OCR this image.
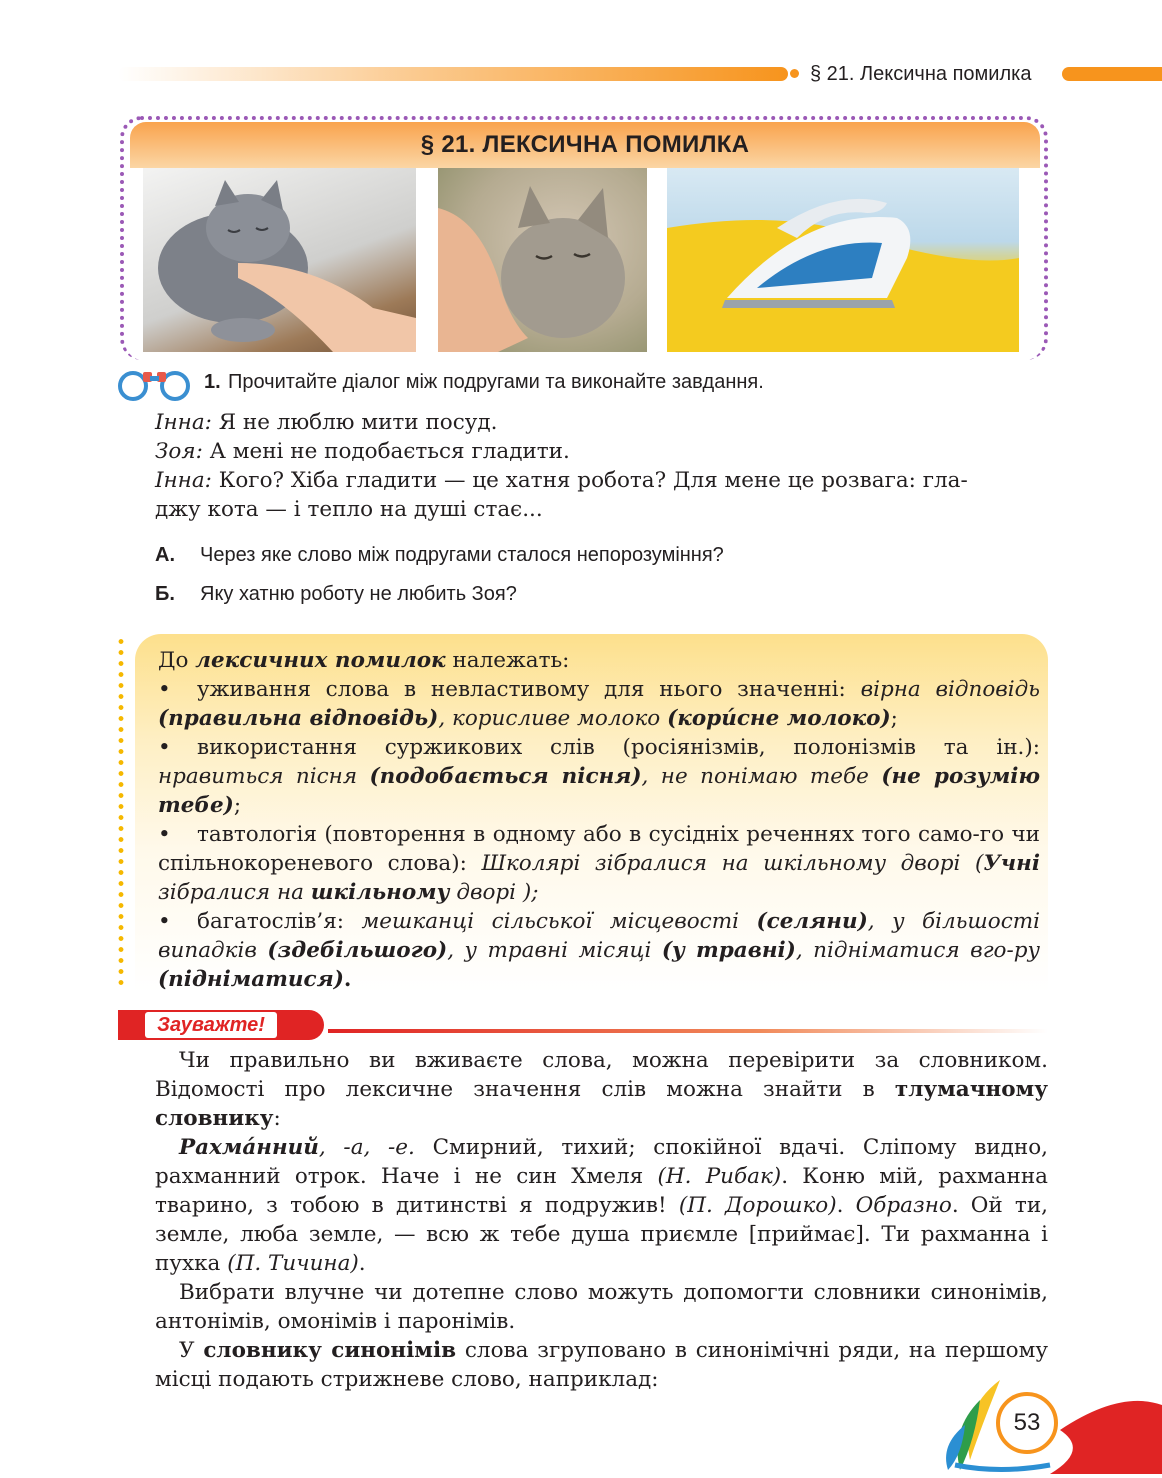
§ 21. Лексична помилка
§ 21. ЛЕКСИЧНА ПОМИЛКА
1. Прочитайте діалог між подругами та виконайте завдання.
Інна: Я не люблю мити посуд.
Зоя: А мені не подобається гладити.
Інна: Кого? Хіба гладити — це хатня робота? Для мене це розвага: гла-
джу кота — і тепло на душі стає...
А. Через яке слово між подругами сталося непорозуміння?
Б. Яку хатню роботу не любить Зоя?

До лексичних помилок належать:

• уживання слова в невластивому для нього значенні: вірна відповідь (правильна відповідь), корисливе молоко (корúсне молоко);

• використання суржикових слів (росіянізмів, полонізмів та ін.): нравиться пісня (подобається пісня), не понімаю тебе (не розумію тебе);

• тавтологія (повторення в одному або в сусідніх реченнях того само-го чи спільнокореневого слова): Школярі зібралися на шкільному дворі (Учні зібралися на шкільному дворі );

• багатослів’я: мешканці сільської місцевості (селяни), у більшості випадків (здебільшого), у травні місяці (у травні), підніматися вго-ру (підніматися).

Зауважте!

Чи правильно ви вживаєте слова, можна перевірити за словником. Відомості про лексичне значення слів можна знайти в тлумачному словнику:

Рахмáнний, -а, -е. Смирний, тихий; спокійної вдачі. Сліпому видно, рахманний отрок. Наче і не син Хмеля (Н. Рибак). Коню мій, рахманна тварино, з тобою в дитинстві я подружив! (П. Дорошко). Образно. Ой ти, земле, люба земле, — всю ж тебе душа приємле [приймає]. Ти рахманна і пухка (П. Тичина).

Вибрати влучне чи дотепне слово можуть допомогти словники синонімів, антонімів, омонімів і паронімів.

У словнику синонімів слова згруповано в синонімічні ряди, на першому місці подають стрижневе слово, наприклад:

53
